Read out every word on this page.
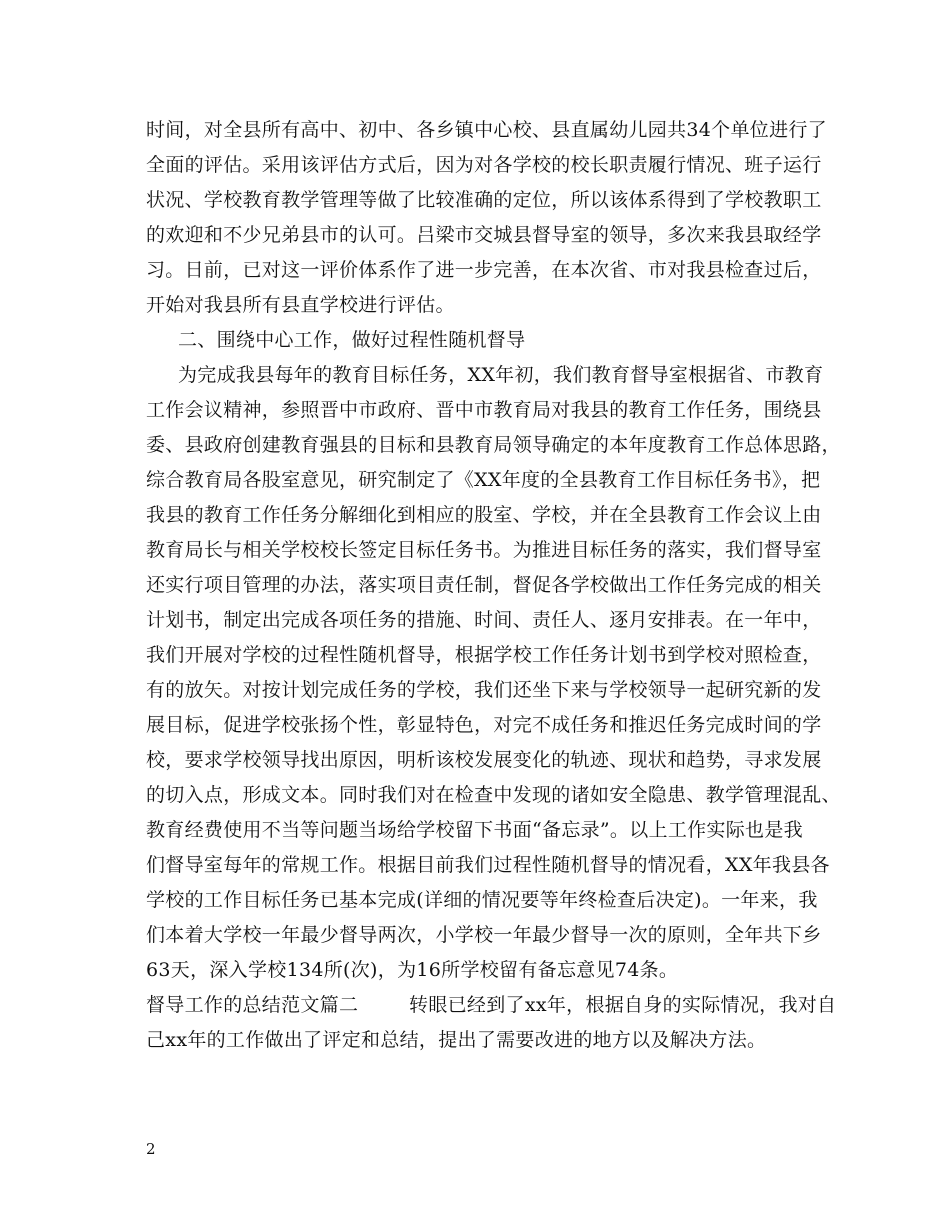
时间，对全县所有高中、初中、各乡镇中心校、县直属幼儿园共34个单位进行了
全面的评估。采用该评估方式后，因为对各学校的校长职责履行情况、班子运行
状况、学校教育教学管理等做了比较准确的定位，所以该体系得到了学校教职工
的欢迎和不少兄弟县市的认可。吕梁市交城县督导室的领导，多次来我县取经学
习。日前，已对这一评价体系作了进一步完善，在本次省、市对我县检查过后，
开始对我县所有县直学校进行评估。
二、围绕中心工作，做好过程性随机督导
为完成我县每年的教育目标任务，XX年初，我们教育督导室根据省、市教育
工作会议精神，参照晋中市政府、晋中市教育局对我县的教育工作任务，围绕县
委、县政府创建教育强县的目标和县教育局领导确定的本年度教育工作总体思路，
综合教育局各股室意见，研究制定了《XX年度的全县教育工作目标任务书》，把
我县的教育工作任务分解细化到相应的股室、学校，并在全县教育工作会议上由
教育局长与相关学校校长签定目标任务书。为推进目标任务的落实，我们督导室
还实行项目管理的办法，落实项目责任制，督促各学校做出工作任务完成的相关
计划书，制定出完成各项任务的措施、时间、责任人、逐月安排表。在一年中，
我们开展对学校的过程性随机督导，根据学校工作任务计划书到学校对照检查，
有的放矢。对按计划完成任务的学校，我们还坐下来与学校领导一起研究新的发
展目标，促进学校张扬个性，彰显特色，对完不成任务和推迟任务完成时间的学
校，要求学校领导找出原因，明析该校发展变化的轨迹、现状和趋势，寻求发展
的切入点，形成文本。同时我们对在检查中发现的诸如安全隐患、教学管理混乱、
教育经费使用不当等问题当场给学校留下书面“备忘录”。以上工作实际也是我
们督导室每年的常规工作。根据目前我们过程性随机督导的情况看，XX年我县各
学校的工作目标任务已基本完成(详细的情况要等年终检查后决定)。一年来，我
们本着大学校一年最少督导两次，小学校一年最少督导一次的原则，全年共下乡
63天，深入学校134所(次)，为16所学校留有备忘意见74条。
督导工作的总结范文篇二        转眼已经到了xx年，根据自身的实际情况，我对自
己xx年的工作做出了评定和总结，提出了需要改进的地方以及解决方法。
2
